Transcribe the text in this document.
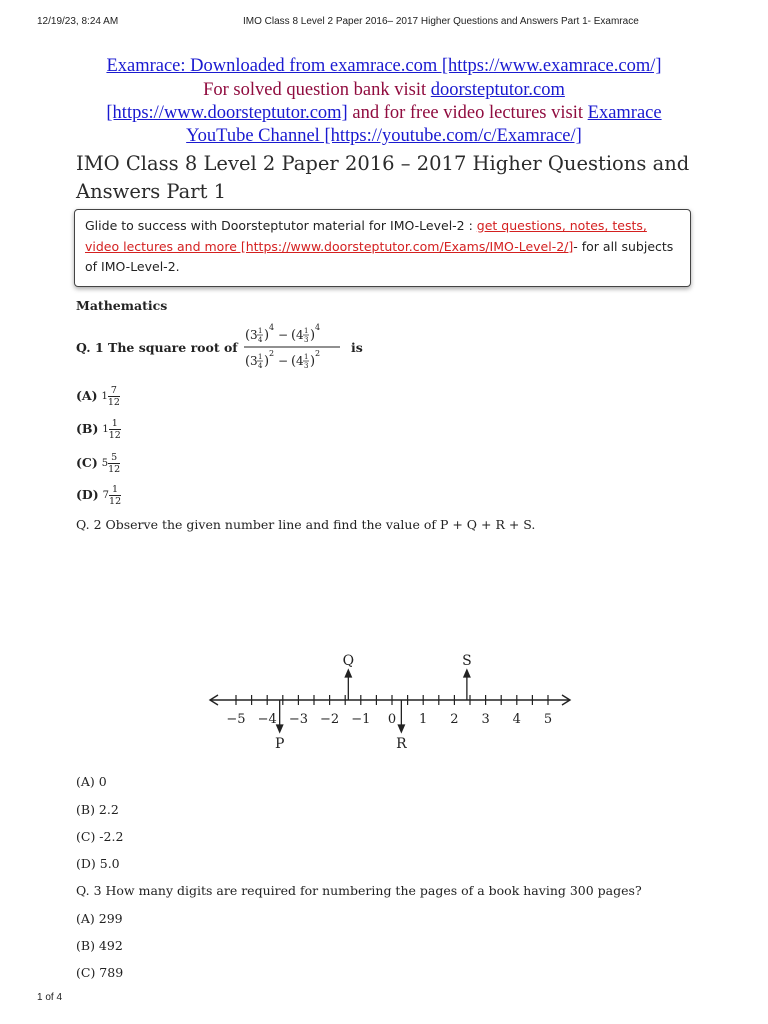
12/19/23, 8:24 AM	IMO Class 8 Level 2 Paper 2016– 2017 Higher Questions and Answers Part 1- Examrace
Examrace: Downloaded from examrace.com [https://www.examrace.com/]
For solved question bank visit doorsteptutor.com
[https://www.doorsteptutor.com] and for free video lectures visit Examrace
YouTube Channel [https://youtube.com/c/Examrace/]
IMO Class 8 Level 2 Paper 2016 – 2017 Higher Questions and Answers Part 1
Glide to success with Doorsteptutor material for IMO-Level-2 : get questions, notes, tests, video lectures and more [https://www.doorsteptutor.com/Exams/IMO-Level-2/]- for all subjects of IMO-Level-2.
Mathematics
Q. 1 The square root of
( 3 1
4 )
4
− ( 4 1
3 )
4
( 3 1
4 )
2
− ( 4 1
3 )
2 is
(A) $1 \frac{7}{12}$
(B) $1 \frac{1}{12}$
(C) $5 \frac{5}{12}$
(D) $7 \frac{1}{12}$
Q. 2 Observe the given number line and find the value of P + Q + R + S.
−5 −4 −3 −2 −1 0 1 2 3 4 5
P
Q
R
S
(A) 0
(B) 2.2
(C) -2.2
(D) 5.0
Q. 3 How many digits are required for numbering the pages of a book having 300 pages?
(A) 299
(B) 492
(C) 789
1 of 4
